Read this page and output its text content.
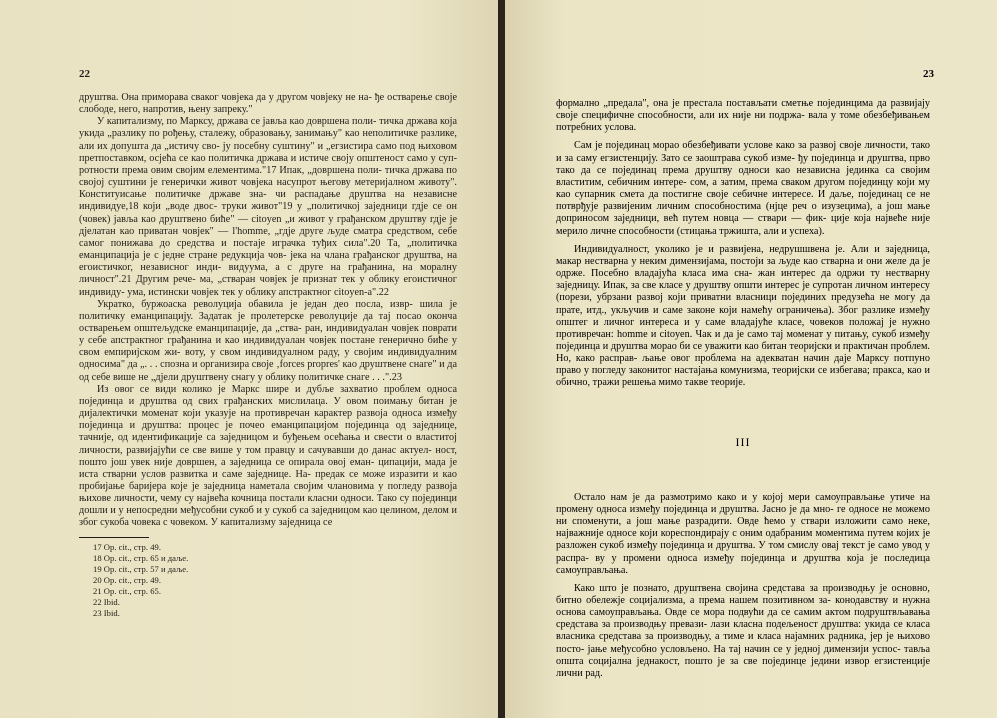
22

друштва. Она приморава сваког човјека да у другом човјеку не на- ђе остварење своје слободе, него, напротив, њену запреку."

У капитализму, по Марксу, држава се јавља као довршена поли- тичка држава која укида „разлику по рођењу, сталежу, образовању, занимању" као неполитичке разлике, али их допушта да „истичу сво- ју посебну суштину" и „егзистира само под њиховом претпоставком, осјећа се као политичка држава и истиче своју општеност само у суп- ротности према овим својим елементима."17 Ипак, „довршена поли- тичка држава по својој суштини је генерички живот човјека насупрот његову мeтeријалном животу". Конституисање политичке државе зна- чи распадање друштва на независне индивидуе,18 који „воде двос- труки живот"19 у „политичкој заједници гдје се он (човек) јавља као друштвено биће" — citoyen „и живот у грађанском друштву гдје је дјелатан као приватан човјек" — l'homme, „гдје друге људе сматра средством, себе самог понижава до средства и постаје играчка туђих сила".20 Та, „политичка еманципација је с једне стране редукција чов- јека на члана грађанског друштва, на егоистичког, независног инди- видуума, а с друге на грађанина, на моралну личност".21 Другим рече- ма, „стваран човјек је признат тек у облику егоистичног индивиду- ума, истински човјек тек у облику апстрактног citoyen-а".22

Укратко, буржоаска револуција обавила је један део посла, извр- шила је политичку еманципацију. Задатак је пролетерске револуције да тај посао оконча остварењем општељудске еманципације, да „ства- ран, индивидуалан човјек поврати у себе апстрактног грађанина и као индивидуалан човјек постане генерично биће у свом емпиријском жи- воту, у свом индивидуалном раду, у својим индивидуалним односима" да „. . . спозна и организира своје ‚forces propres' као друштвене снаге" и да од себе више не „дјели друштвену снагу у облику политичке снаге . . .".23

Из овог се види колико је Маркс шире и дубље захватио проблем односа појединца и друштва од свих грађанских мислилаца. У овом поимању битан је дијалектички моменат који указује на противречан карактер развоја односа између појединца и друштва: процес је почео еманципацијом појединца од заједнице, тачније, од идентификације са заједницом и буђењем осећања и свести о властитој личности, развијајући се све више у том правцу и сачувавши до данас актуел- ност, пошто још увек није довршен, а заједница се опирала овој еман- ципацији, мада је иста стварни услов развитка и саме заједнице. На- предак се може изразити и као пробијање баријера које је заједница наметала својим члановима у погледу развоја њихове личности, чему су највећа кочница постали класни односи. Тако су појединци дошли и у непосредни међусобни сукоб и у сукоб са заједницом као целином, делом и због сукоба човека с човеком. У капитализму заједница се

17 Op. cit., стр. 49.
18 Op. cit., стр. 65 и даље.
19 Op. cit., стр. 57 и даље.
20 Op. cit., стр. 49.
21 Op. cit., стр. 65.
22 Ibid.
23 Ibid.
23

формално „предала", она је престала постављати сметње појединцима да развијају своје специфичне способности, али их није ни подржа- вала у томе обезбеђивањем потребних услова.

Сам је појединац морао обезбеђивати услове како за развој своје личности, тако и за саму егзистенцију. Зато се заоштрава сукоб изме- ђу појединца и друштва, прво тако да се појединац према друштву односи као независна јединка са својим властитим, себичним интере- сом, а затим, према сваком другом појединцу који му као супарник смета да постигне своје себичне интересе. И даље, појединац се не потврђује развијеним личним способностима (нјце реч о изузецима), а још мање доприносом заједници, већ путем новца — ствари — фик- ције која највеће није мерило личне способности (стицања тржишта, али и успеха).

Индивидуалност, уколико је и развијена, недрушшвена је. Али и заједница, макар нестварна у неким димензијама, постоји за људе као стварна и они желе да је одрже. Посебно владајућа класа има сна- жан интерес да одржи ту нестварну заједницу. Ипак, за све класе у друштву општи интерес је супротан личном интересу (порези, убрзани развој који приватни власници појединих предузећа не могу да прате, итд., укључив и саме законе који намећу ограничења). Због разлике између општег и личног интереса и у саме владајуће класе, човеков положај је нужно противречан: homme и citoyen. Чак и да је само тај моменат у питању, сукоб између појединца и друштва морао би се уважити као битан теоријски и практичан проблем. Но, како расправ- љање овог проблема на адекватан начин даје Марксу потпуно право у погледу законитог настајања комунизма, теоријски се избегава; пракса, као и обично, тражи решења мимо такве теорије.

III

Остало нам је да размотримо како и у којој мери самоуправљање утиче на промену односа између појединца и друштва. Јасно је да мно- ге односе не можемо ни споменути, а још мање разрадити. Овде ћемо у ствари изложити само неке, најважније односе који кореспондирају с оним одабраним моментима путем којих је разложен сукоб између појединца и друштва. У том смислу овај текст је само увод у распра- ву у промени односа између појединца и друштва која је последица самоуправљања.

Како што је познато, друштвена својина средстава за производњу је основно, битно обележје социјализма, а према нашем позитивном за- конодавству и нужна основа самоуправљања. Овде се мора подвући да се самим актом подруштвљавања средстава за производњу превази- лази класна подељеност друштва: укида се класа власника средстава за производњу, а тиме и класа најамних радника, јер је њихово посто- јање међусобно условљено. На тај начин се у једној димензији успос- тавља општа социјална једнакост, пошто је за све појединце једини извор егзистенције лични рад.
